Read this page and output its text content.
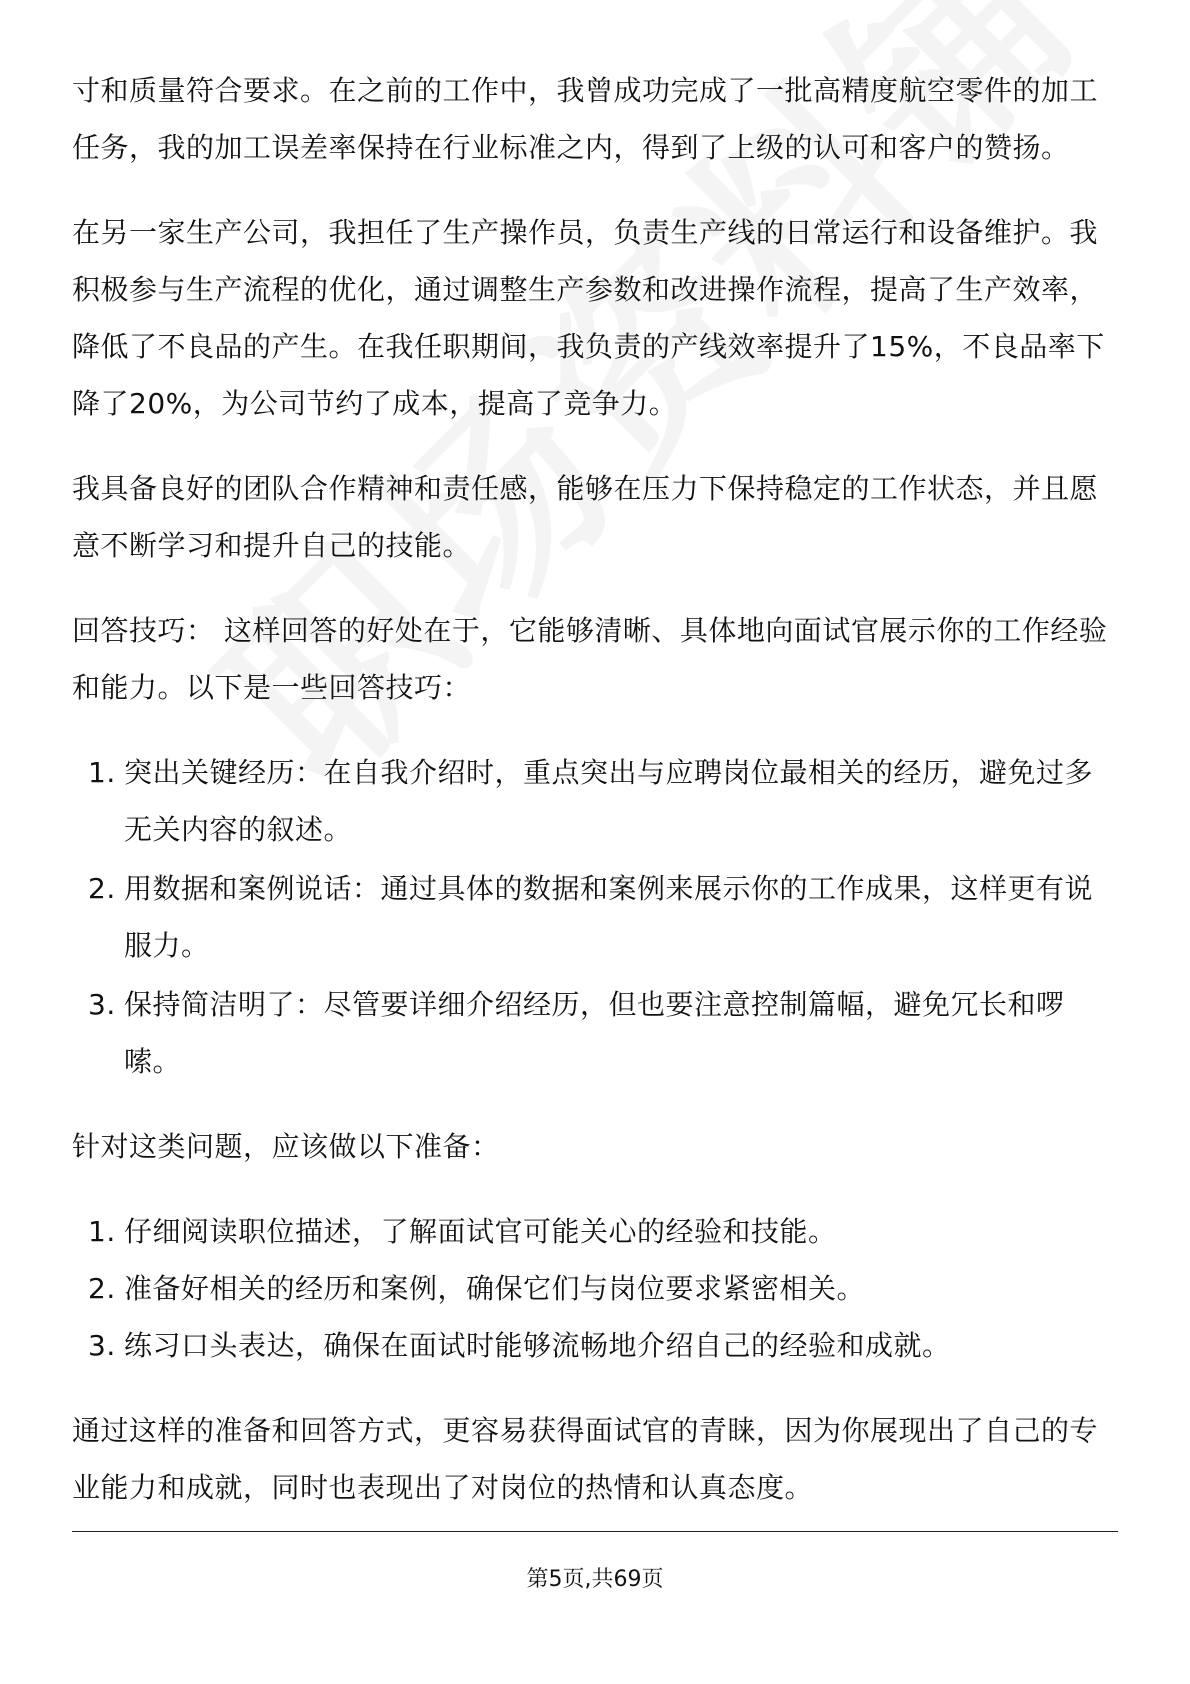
寸和质量符合要求。在之前的工作中，我曾成功完成了一批高精度航空零件的加工任务，我的加工误差率保持在行业标准之内，得到了上级的认可和客户的赞扬。

在另一家生产公司，我担任了生产操作员，负责生产线的日常运行和设备维护。我积极参与生产流程的优化，通过调整生产参数和改进操作流程，提高了生产效率，降低了不良品的产生。在我任职期间，我负责的产线效率提升了15%，不良品率下降了20%，为公司节约了成本，提高了竞争力。

我具备良好的团队合作精神和责任感，能够在压力下保持稳定的工作状态，并且愿意不断学习和提升自己的技能。

回答技巧： 这样回答的好处在于，它能够清晰、具体地向面试官展示你的工作经验和能力。以下是一些回答技巧：

1. 突出关键经历：在自我介绍时，重点突出与应聘岗位最相关的经历，避免过多无关内容的叙述。
2. 用数据和案例说话：通过具体的数据和案例来展示你的工作成果，这样更有说服力。
3. 保持简洁明了：尽管要详细介绍经历，但也要注意控制篇幅，避免冗长和啰嗦。

针对这类问题，应该做以下准备：

1. 仔细阅读职位描述，了解面试官可能关心的经验和技能。
2. 准备好相关的经历和案例，确保它们与岗位要求紧密相关。
3. 练习口头表达，确保在面试时能够流畅地介绍自己的经验和成就。

通过这样的准备和回答方式，更容易获得面试官的青睐，因为你展现出了自己的专业能力和成就，同时也表现出了对岗位的热情和认真态度。

第5页,共69页
